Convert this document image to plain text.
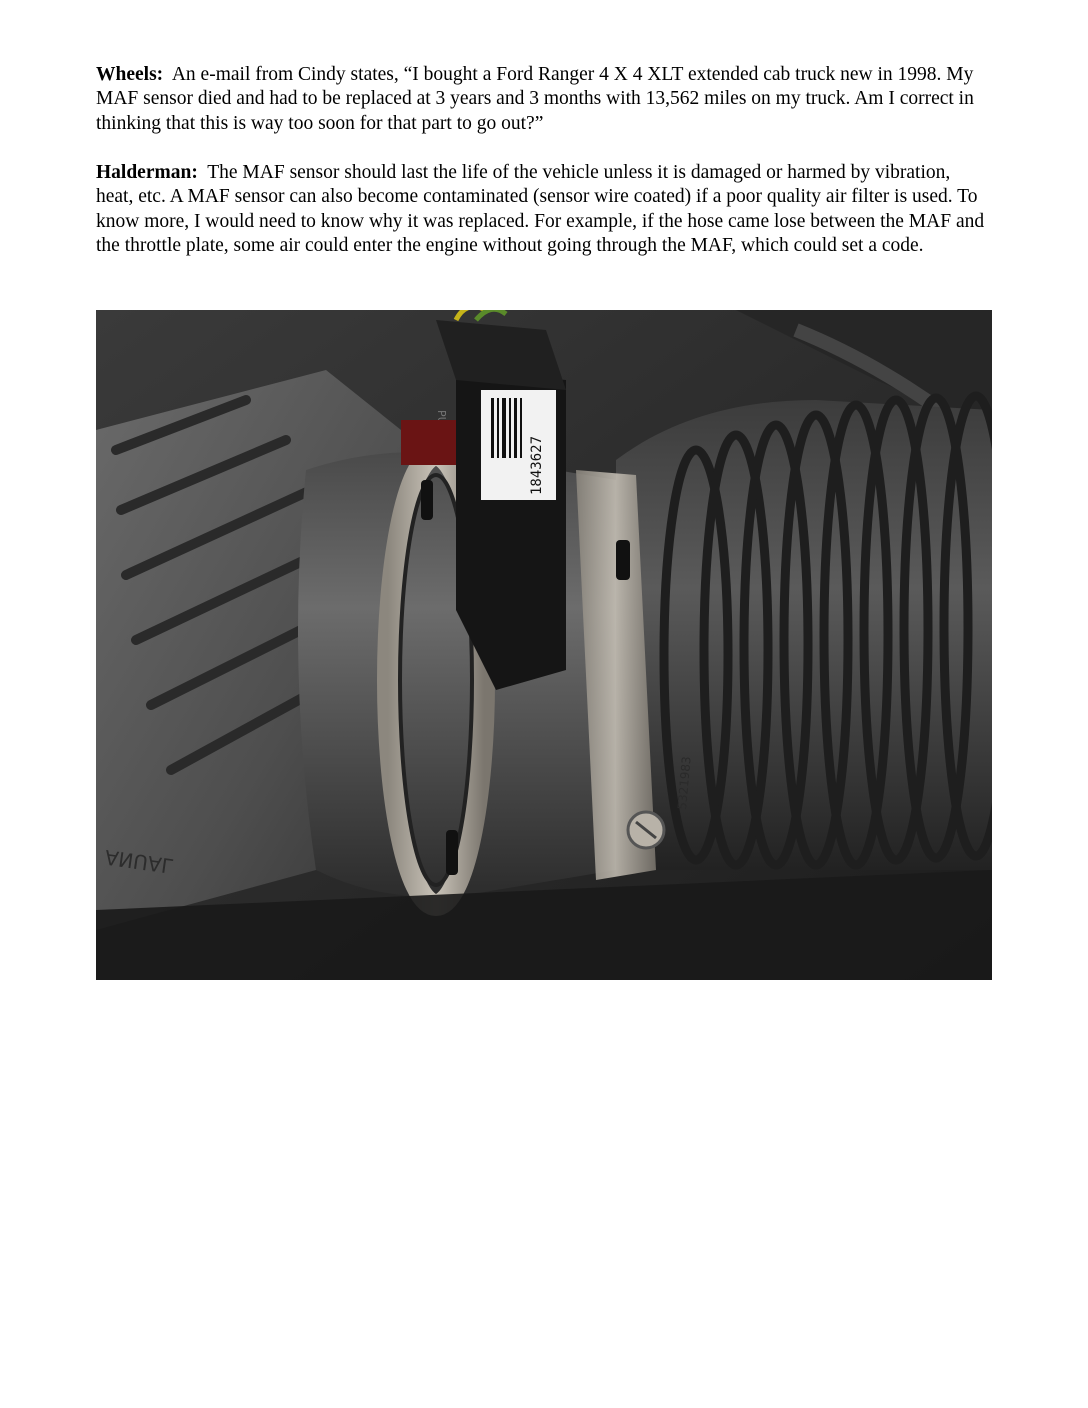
Wheels: An e-mail from Cindy states, “I bought a Ford Ranger 4 X 4 XLT extended cab truck new in 1998. My MAF sensor died and had to be replaced at 3 years and 3 months with 13,562 miles on my truck. Am I correct in thinking that this is way too soon for that part to go out?”

Halderman: The MAF sensor should last the life of the vehicle unless it is damaged or harmed by vibration, heat, etc. A MAF sensor can also become contaminated (sensor wire coated) if a poor quality air filter is used. To know more, I would need to know why it was replaced. For example, if the hose came lose between the MAF and the throttle plate, some air could enter the engine without going through the MAF, which could set a code.

ANUAL
5321983
1843627
